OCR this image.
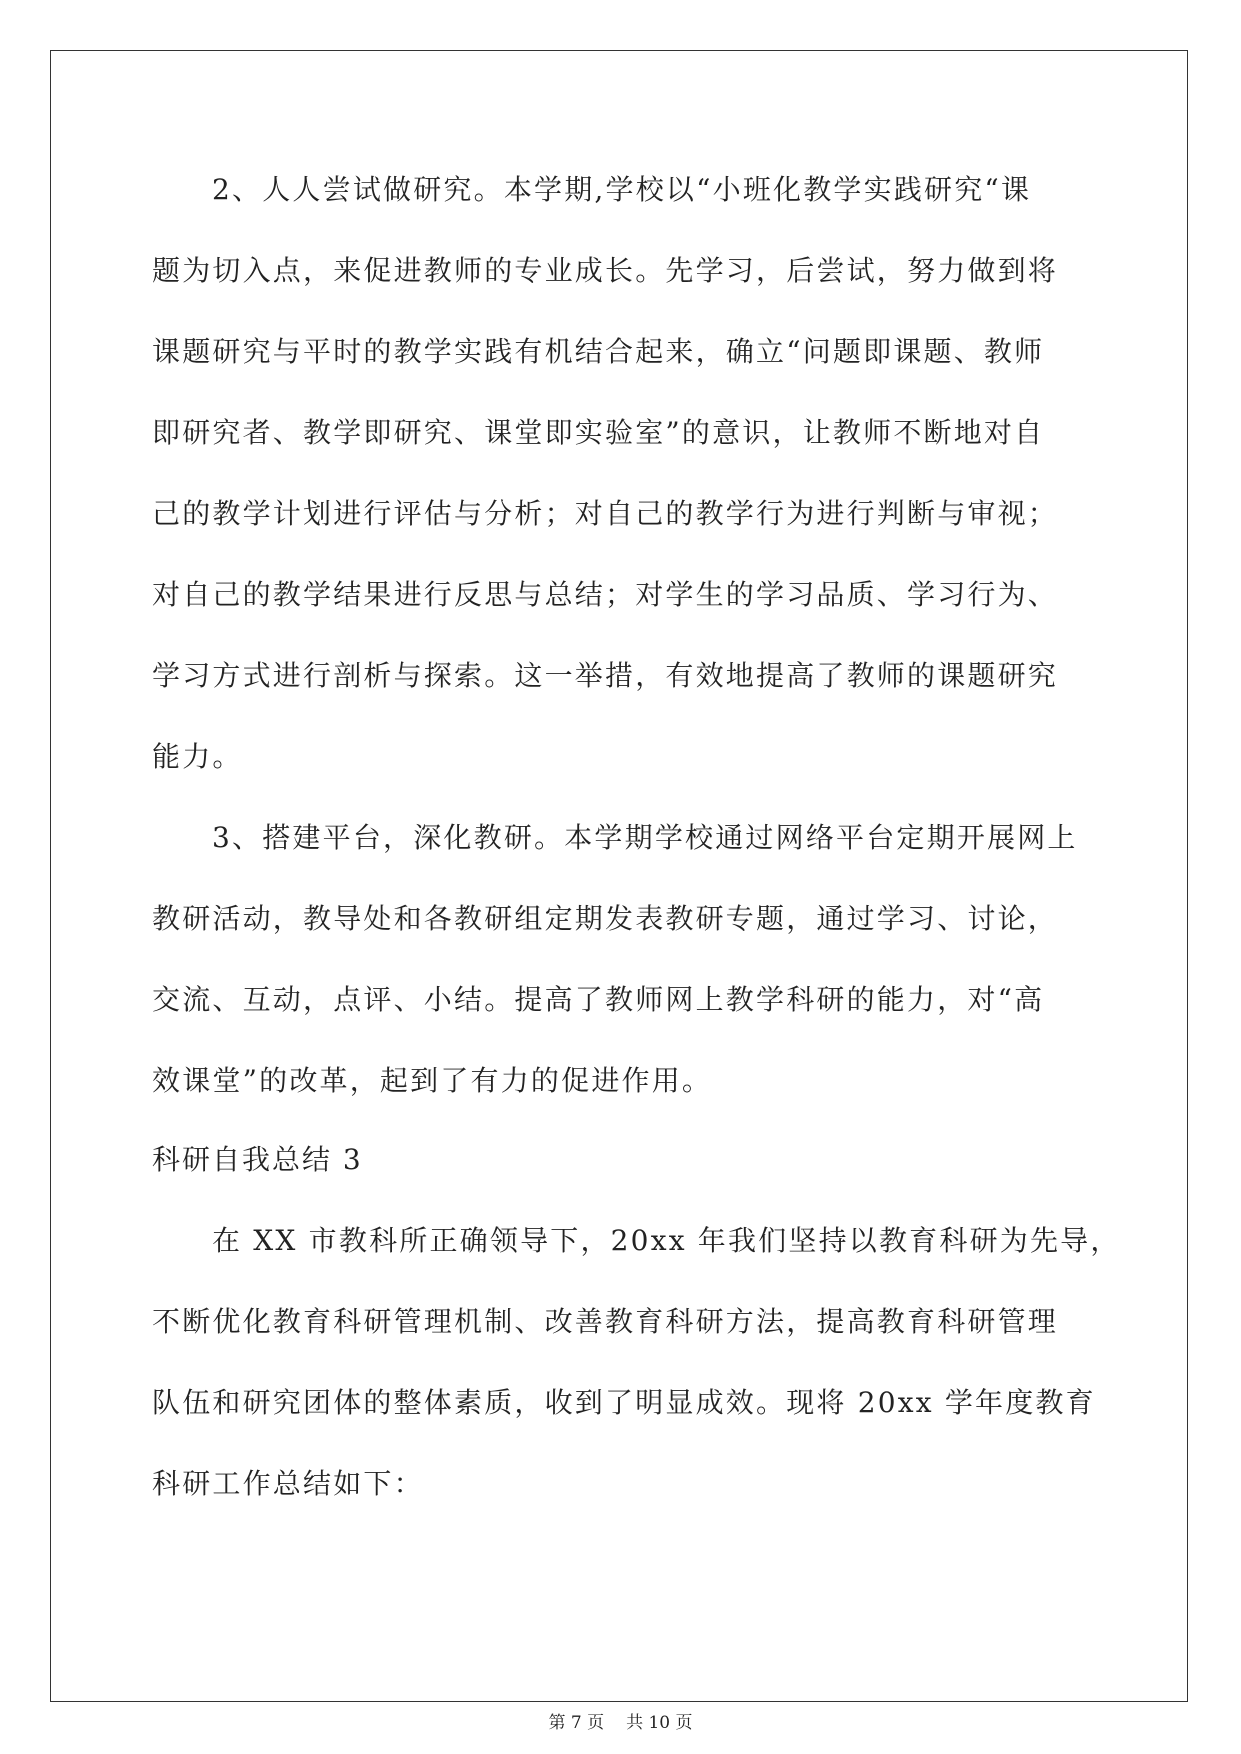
2、人人尝试做研究。本学期,学校以“小班化教学实践研究“课
题为切入点，来促进教师的专业成长。先学习，后尝试，努力做到将
课题研究与平时的教学实践有机结合起来，确立“问题即课题、教师
即研究者、教学即研究、课堂即实验室”的意识，让教师不断地对自
己的教学计划进行评估与分析；对自己的教学行为进行判断与审视；
对自己的教学结果进行反思与总结；对学生的学习品质、学习行为、
学习方式进行剖析与探索。这一举措，有效地提高了教师的课题研究
能力。
3、搭建平台，深化教研。本学期学校通过网络平台定期开展网上
教研活动，教导处和各教研组定期发表教研专题，通过学习、讨论，
交流、互动，点评、小结。提高了教师网上教学科研的能力，对“高
效课堂”的改革，起到了有力的促进作用。
科研自我总结 3
在 XX 市教科所正确领导下，20xx 年我们坚持以教育科研为先导，
不断优化教育科研管理机制、改善教育科研方法，提高教育科研管理
队伍和研究团体的整体素质，收到了明显成效。现将 20xx 学年度教育
科研工作总结如下：
第 7 页 共 10 页
